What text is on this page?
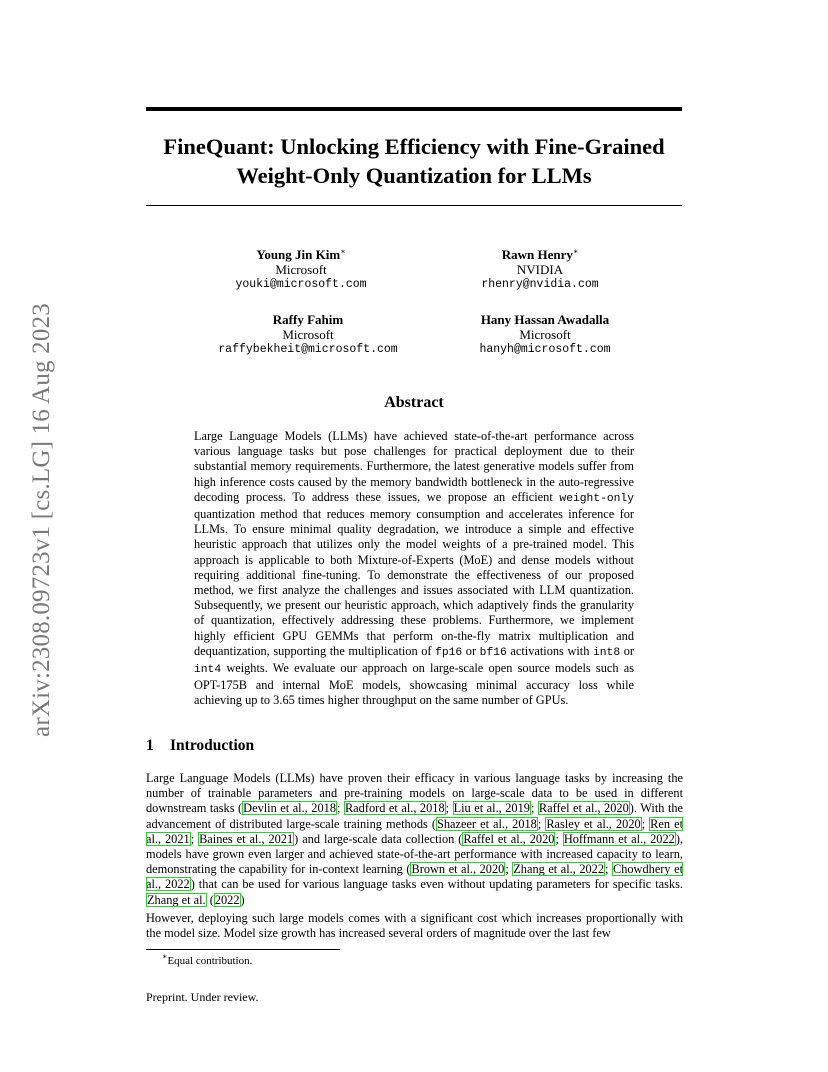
arXiv:2308.09723v1 [cs.LG] 16 Aug 2023
FineQuant: Unlocking Efficiency with Fine-Grained
Weight-Only Quantization for LLMs
Young Jin Kim∗
Microsoft
youki@microsoft.com
Rawn Henry∗
NVIDIA
rhenry@nvidia.com
Raffy Fahim
Microsoft
raffybekheit@microsoft.com
Hany Hassan Awadalla
Microsoft
hanyh@microsoft.com
Abstract

Large Language Models (LLMs) have achieved state-of-the-art performance across various language tasks but pose challenges for practical deployment due to their substantial memory requirements. Furthermore, the latest generative models suffer from high inference costs caused by the memory bandwidth bottleneck in the auto-regressive decoding process. To address these issues, we propose an efficient weight-only quantization method that reduces memory consumption and accelerates inference for LLMs. To ensure minimal quality degradation, we introduce a simple and effective heuristic approach that utilizes only the model weights of a pre-trained model. This approach is applicable to both Mixture-of-Experts (MoE) and dense models without requiring additional fine-tuning. To demonstrate the effectiveness of our proposed method, we first analyze the challenges and issues associated with LLM quantization. Subsequently, we present our heuristic approach, which adaptively finds the granularity of quantization, effectively addressing these problems. Furthermore, we implement highly efficient GPU GEMMs that perform on-the-fly matrix multiplication and dequantization, supporting the multiplication of fp16 or bf16 activations with int8 or int4 weights. We evaluate our approach on large-scale open source models such as OPT-175B and internal MoE models, showcasing minimal accuracy loss while achieving up to 3.65 times higher throughput on the same number of GPUs.

1 Introduction

Large Language Models (LLMs) have proven their efficacy in various language tasks by increasing the number of trainable parameters and pre-training models on large-scale data to be used in different downstream tasks (Devlin et al., 2018; Radford et al., 2018; Liu et al., 2019; Raffel et al., 2020). With the advancement of distributed large-scale training methods (Shazeer et al., 2018; Rasley et al., 2020; Ren et al., 2021; Baines et al., 2021) and large-scale data collection (Raffel et al., 2020; Hoffmann et al., 2022), models have grown even larger and achieved state-of-the-art performance with increased capacity to learn, demonstrating the capability for in-context learning (Brown et al., 2020; Zhang et al., 2022; Chowdhery et al., 2022) that can be used for various language tasks even without updating parameters for specific tasks. Zhang et al. (2022)

However, deploying such large models comes with a significant cost which increases proportionally with the model size. Model size growth has increased several orders of magnitude over the last few

∗Equal contribution.
Preprint. Under review.
